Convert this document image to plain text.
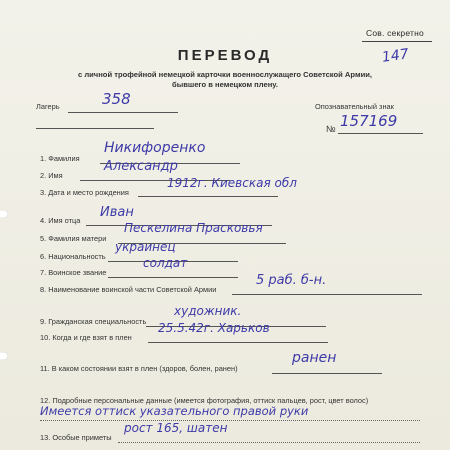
Сов. секретно
147
ПЕРЕВОД
с личной трофейной немецкой карточки военнослужащего Советской Армии,
бывшего в немецком плену.
Лагерь	358	Опознавательный знак
№ 157169
1. Фамилия
Никифоренко
2. Имя
Александр
3. Дата и место рождения
1912г. Киевская обл
4. Имя отца
Иван
5. Фамилия матери
Пескелина Прасковья
6. Национальность
украинец
7. Воинское звание
солдат
8. Наименование воинской части Советской Армии
5 раб. б-н.
9. Гражданская специальность
художник.
10. Когда и где взят в плен
25.5.42г. Харьков
11. В каком состоянии взят в плен (здоров, болен, ранен)
ранен
12. Подробные персональные данные (имеется фотография, оттиск пальцев, рост, цвет волос)
Имеется оттиск указательного правой руки
13. Особые приметы
рост 165, шатен
